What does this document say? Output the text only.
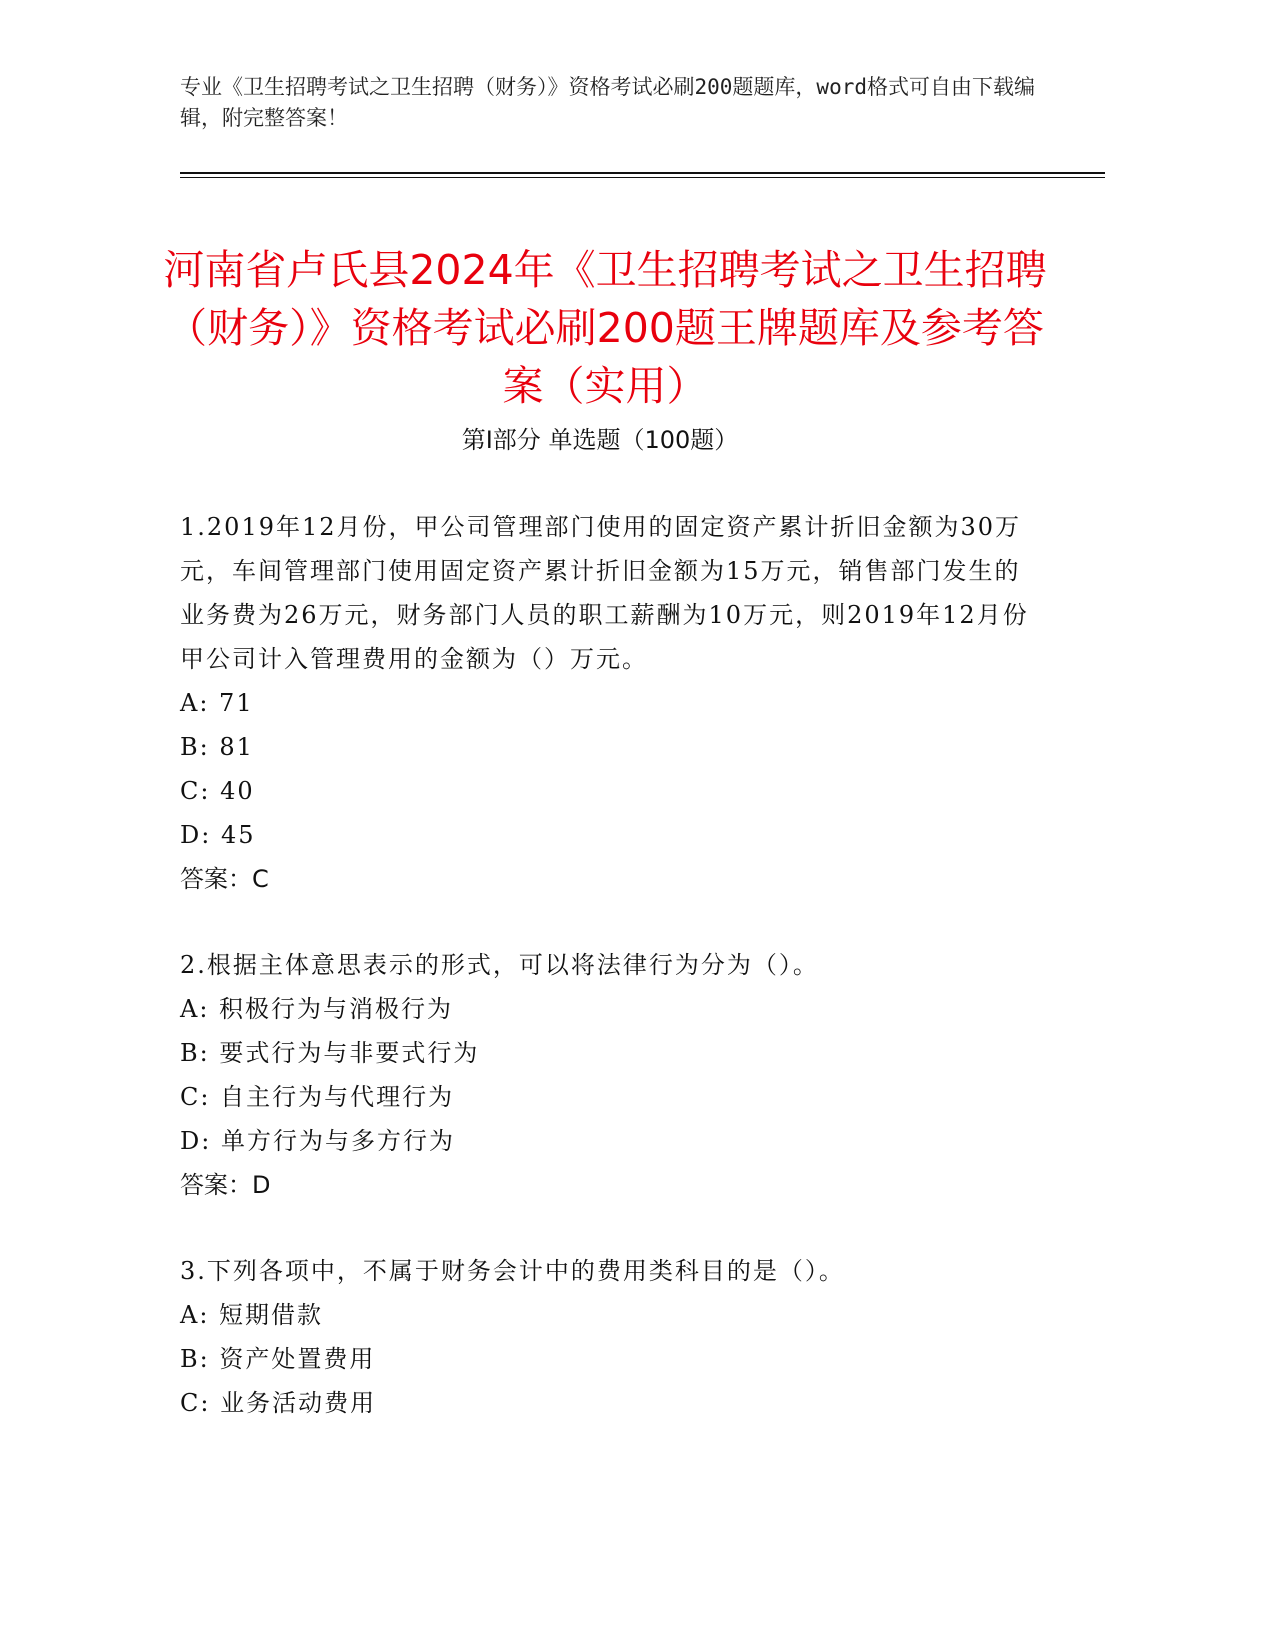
专业《卫生招聘考试之卫生招聘（财务）》资格考试必刷200题题库，word格式可自由下载编辑，附完整答案！
河南省卢氏县2024年《卫生招聘考试之卫生招聘（财务）》资格考试必刷200题王牌题库及参考答案（实用）
第Ⅰ部分 单选题（100题）
1.2019年12月份，甲公司管理部门使用的固定资产累计折旧金额为30万元，车间管理部门使用固定资产累计折旧金额为15万元，销售部门发生的业务费为26万元，财务部门人员的职工薪酬为10万元，则2019年12月份甲公司计入管理费用的金额为（）万元。
A: 71
B: 81
C: 40
D: 45
答案：C
2.根据主体意思表示的形式，可以将法律行为分为（）。
A: 积极行为与消极行为
B: 要式行为与非要式行为
C: 自主行为与代理行为
D: 单方行为与多方行为
答案：D
3.下列各项中，不属于财务会计中的费用类科目的是（）。
A: 短期借款
B: 资产处置费用
C: 业务活动费用
